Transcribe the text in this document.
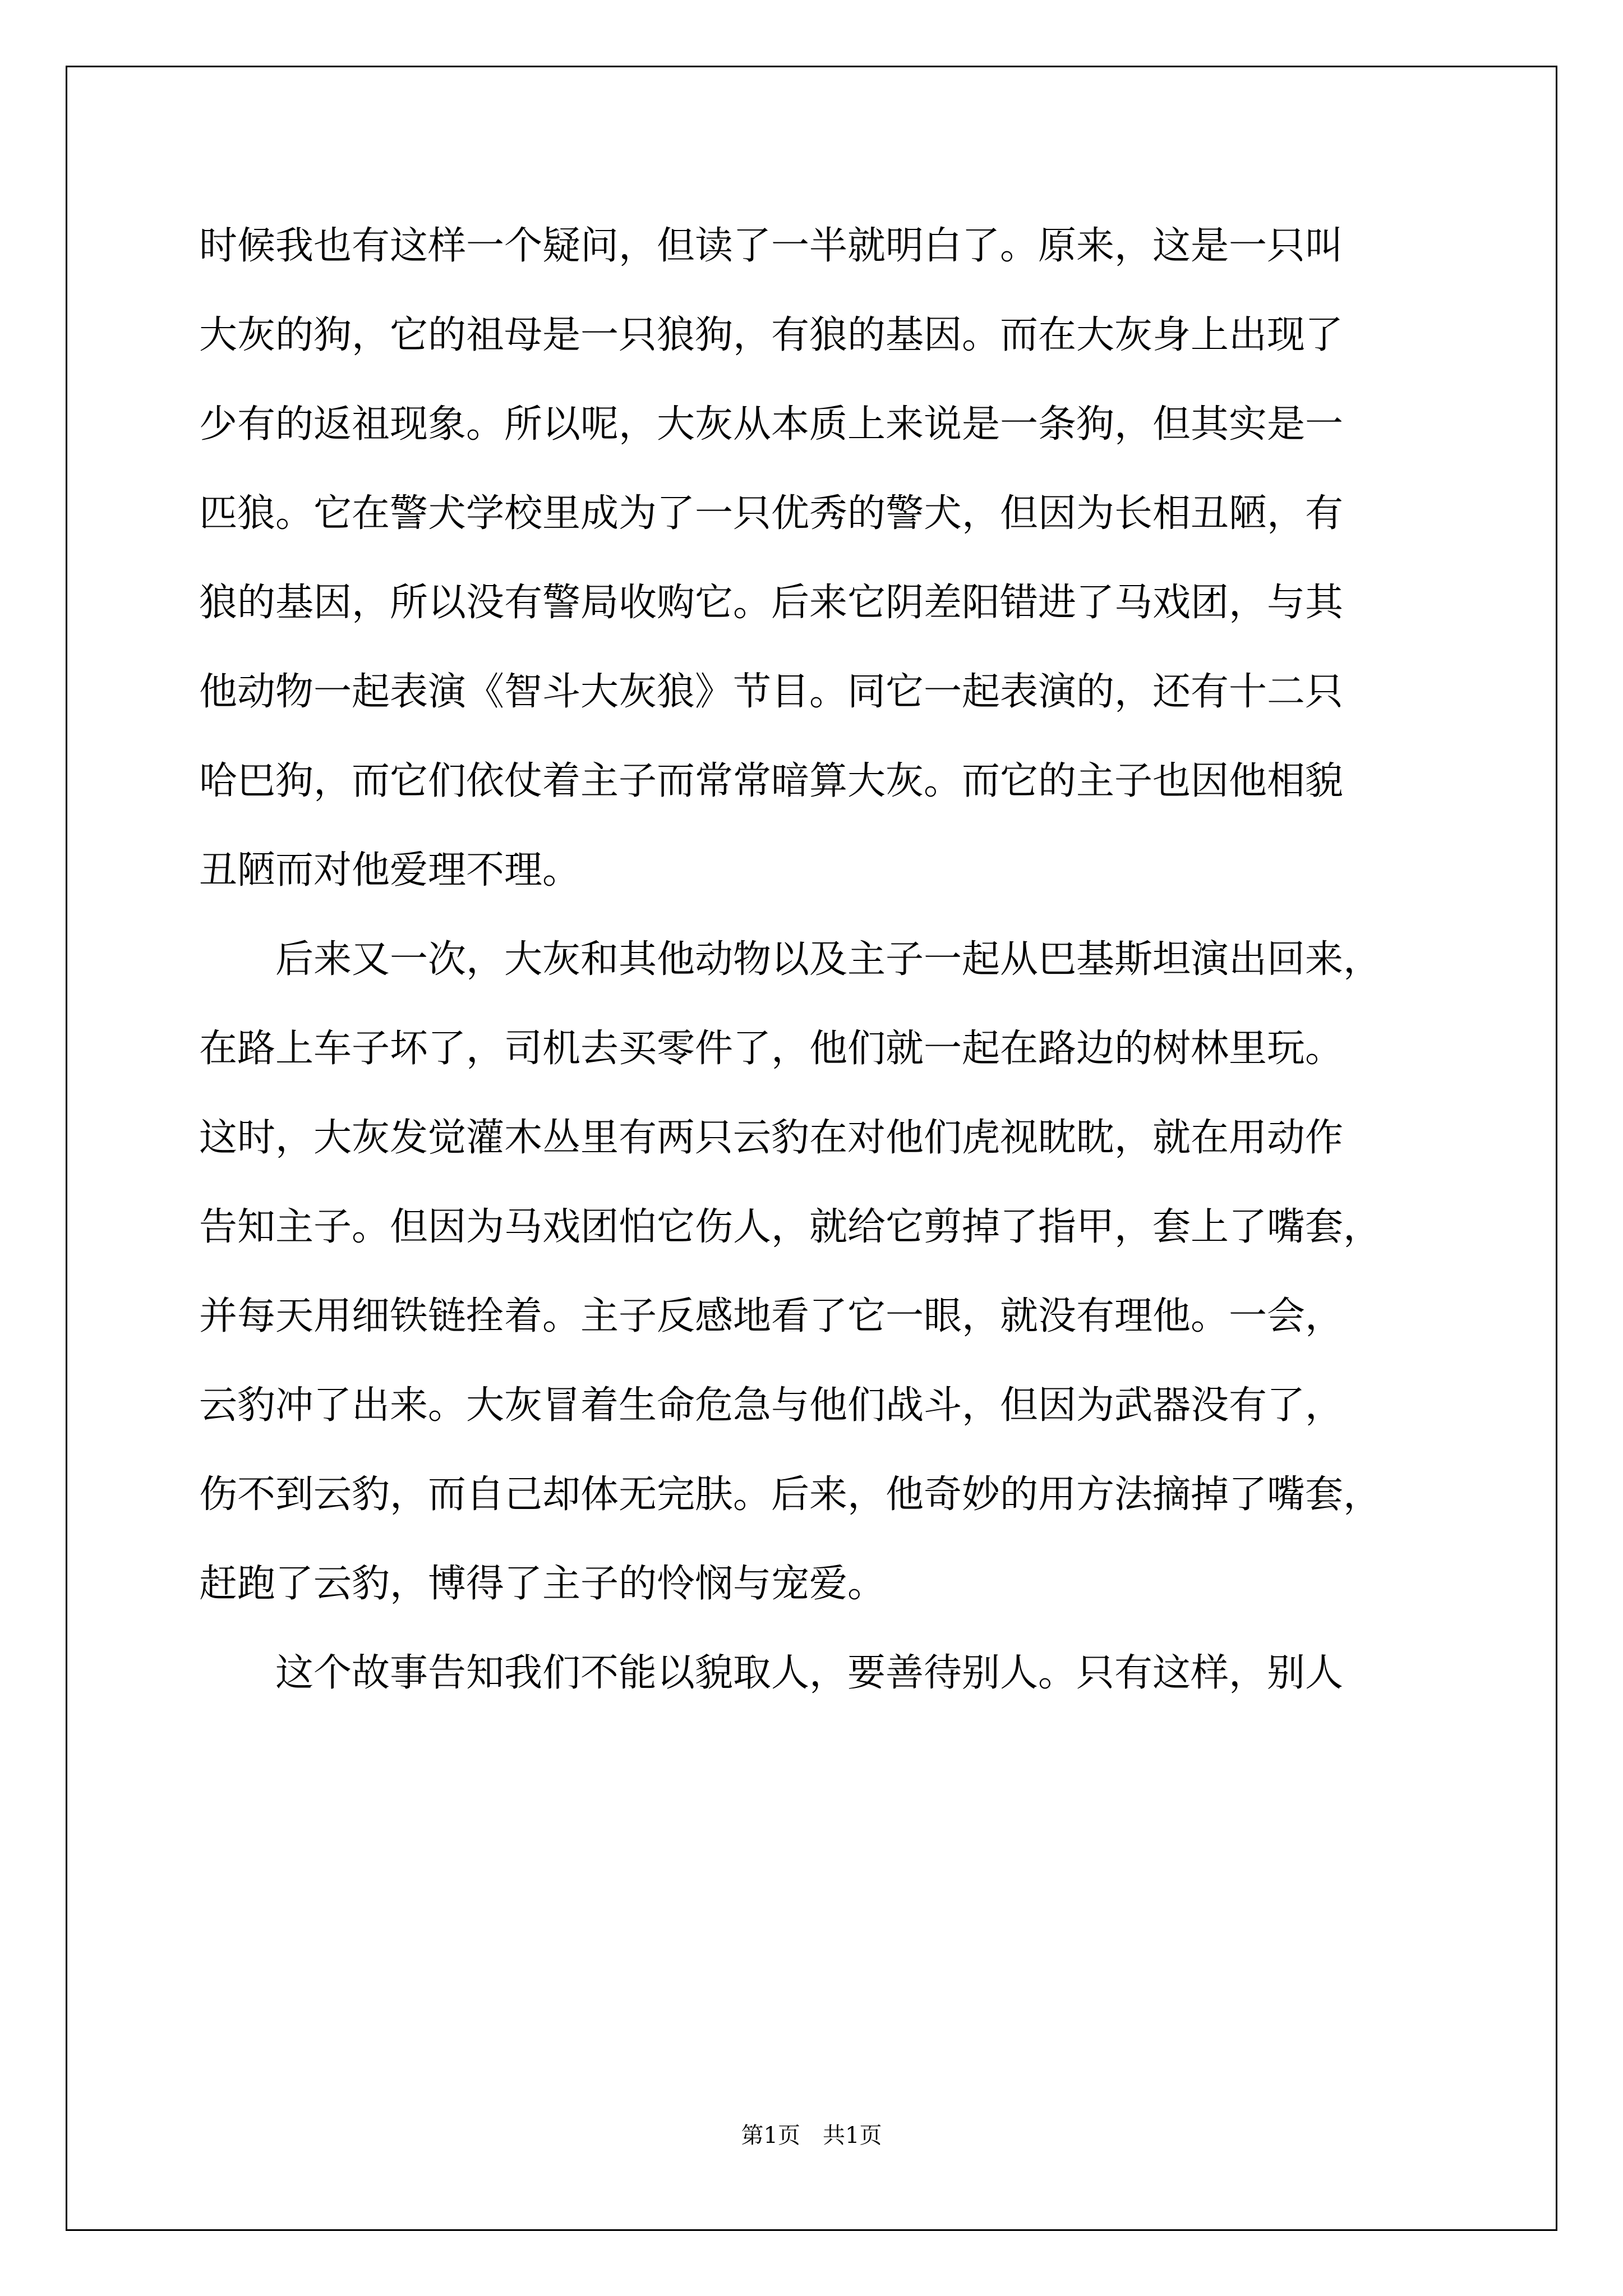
时候我也有这样一个疑问，但读了一半就明白了。原来，这是一只叫
大灰的狗，它的祖母是一只狼狗，有狼的基因。而在大灰身上出现了
少有的返祖现象。所以呢，大灰从本质上来说是一条狗，但其实是一
匹狼。它在警犬学校里成为了一只优秀的警犬，但因为长相丑陋，有
狼的基因，所以没有警局收购它。后来它阴差阳错进了马戏团，与其
他动物一起表演《智斗大灰狼》节目。同它一起表演的，还有十二只
哈巴狗，而它们依仗着主子而常常暗算大灰。而它的主子也因他相貌
丑陋而对他爱理不理。
　　后来又一次，大灰和其他动物以及主子一起从巴基斯坦演出回来，
在路上车子坏了，司机去买零件了，他们就一起在路边的树林里玩。
这时，大灰发觉灌木丛里有两只云豹在对他们虎视眈眈，就在用动作
告知主子。但因为马戏团怕它伤人，就给它剪掉了指甲，套上了嘴套，
并每天用细铁链拴着。主子反感地看了它一眼，就没有理他。一会，
云豹冲了出来。大灰冒着生命危急与他们战斗，但因为武器没有了，
伤不到云豹，而自己却体无完肤。后来，他奇妙的用方法摘掉了嘴套，
赶跑了云豹，博得了主子的怜悯与宠爱。
　　这个故事告知我们不能以貌取人，要善待别人。只有这样，别人
第1页　共1页
